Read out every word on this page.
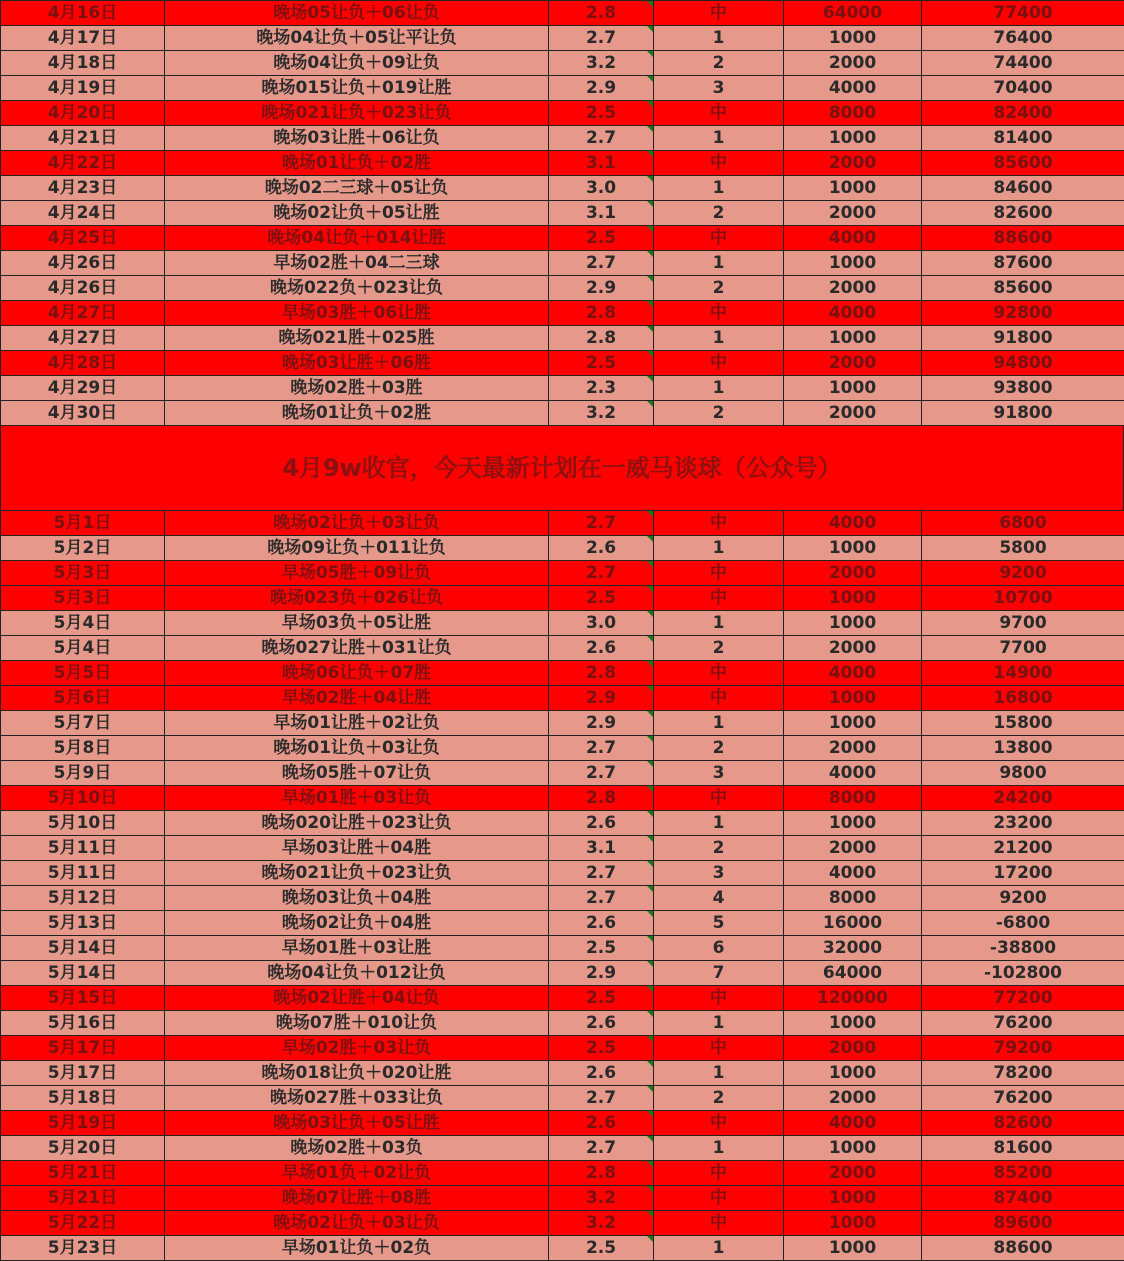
4月16日	晚场05让负＋06让负	2.8	中	64000	77400
4月17日	晚场04让负＋05让平让负	2.7	1	1000	76400
4月18日	晚场04让负＋09让负	3.2	2	2000	74400
4月19日	晚场015让负＋019让胜	2.9	3	4000	70400
4月20日	晚场021让负＋023让负	2.5	中	8000	82400
4月21日	晚场03让胜＋06让负	2.7	1	1000	81400
4月22日	晚场01让负＋02胜	3.1	中	2000	85600
4月23日	晚场02二三球＋05让负	3.0	1	1000	84600
4月24日	晚场02让负＋05让胜	3.1	2	2000	82600
4月25日	晚场04让负＋014让胜	2.5	中	4000	88600
4月26日	早场02胜＋04二三球	2.7	1	1000	87600
4月26日	晚场022负＋023让负	2.9	2	2000	85600
4月27日	早场03胜＋06让胜	2.8	中	4000	92800
4月27日	晚场021胜＋025胜	2.8	1	1000	91800
4月28日	晚场03让胜＋06胜	2.5	中	2000	94800
4月29日	晚场02胜＋03胜	2.3	1	1000	93800
4月30日	晚场01让负＋02胜	3.2	2	2000	91800
4月9w收官，今天最新计划在一威马谈球（公众号）
5月1日	晚场02让负＋03让负	2.7	中	4000	6800
5月2日	晚场09让负＋011让负	2.6	1	1000	5800
5月3日	早场05胜＋09让负	2.7	中	2000	9200
5月3日	晚场023负＋026让负	2.5	中	1000	10700
5月4日	早场03负＋05让胜	3.0	1	1000	9700
5月4日	晚场027让胜＋031让负	2.6	2	2000	7700
5月5日	晚场06让负＋07胜	2.8	中	4000	14900
5月6日	早场02胜＋04让胜	2.9	中	1000	16800
5月7日	早场01让胜＋02让负	2.9	1	1000	15800
5月8日	晚场01让负＋03让负	2.7	2	2000	13800
5月9日	晚场05胜＋07让负	2.7	3	4000	9800
5月10日	早场01胜＋03让负	2.8	中	8000	24200
5月10日	晚场020让胜＋023让负	2.6	1	1000	23200
5月11日	早场03让胜＋04胜	3.1	2	2000	21200
5月11日	晚场021让负＋023让负	2.7	3	4000	17200
5月12日	晚场03让负＋04胜	2.7	4	8000	9200
5月13日	晚场02让负＋04胜	2.6	5	16000	-6800
5月14日	早场01胜＋03让胜	2.5	6	32000	-38800
5月14日	晚场04让负＋012让负	2.9	7	64000	-102800
5月15日	晚场02让胜＋04让负	2.5	中	120000	77200
5月16日	晚场07胜＋010让负	2.6	1	1000	76200
5月17日	早场02胜＋03让负	2.5	中	2000	79200
5月17日	晚场018让负＋020让胜	2.6	1	1000	78200
5月18日	晚场027胜＋033让负	2.7	2	2000	76200
5月19日	晚场03让负＋05让胜	2.6	中	4000	82600
5月20日	晚场02胜＋03负	2.7	1	1000	81600
5月21日	早场01负＋02让负	2.8	中	2000	85200
5月21日	晚场07让胜＋08胜	3.2	中	1000	87400
5月22日	晚场02让负＋03让负	3.2	中	1000	89600
5月23日	早场01让负＋02负	2.5	1	1000	88600
